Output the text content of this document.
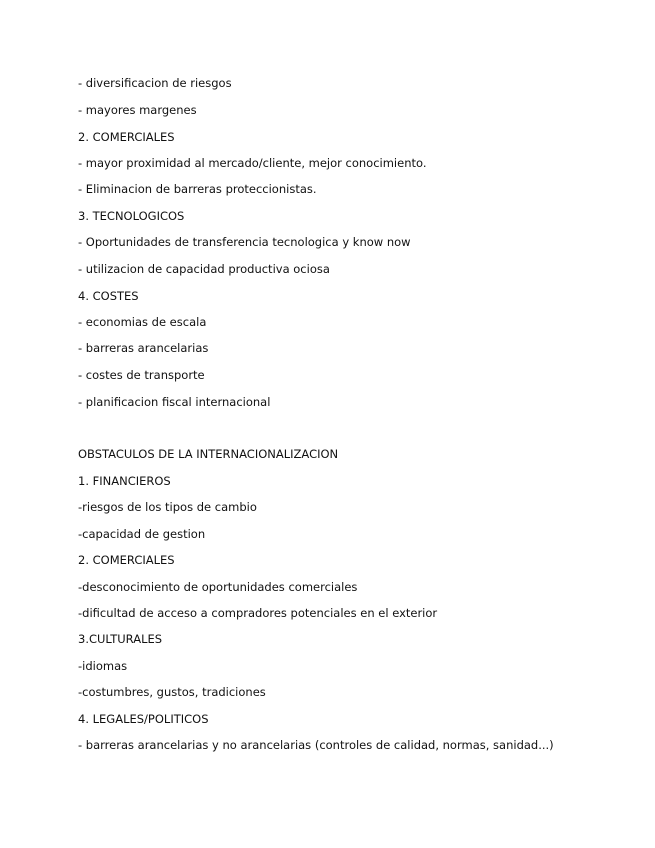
- diversificacion de riesgos
- mayores margenes
2. COMERCIALES
- mayor proximidad al mercado/cliente, mejor conocimiento.
- Eliminacion de barreras proteccionistas.
3. TECNOLOGICOS
- Oportunidades de transferencia tecnologica y know now
- utilizacion de capacidad productiva ociosa
4. COSTES
- economias de escala
- barreras arancelarias
- costes de transporte
- planificacion fiscal internacional
OBSTACULOS DE LA INTERNACIONALIZACION
1. FINANCIEROS
-riesgos de los tipos de cambio
-capacidad de gestion
2. COMERCIALES
-desconocimiento de oportunidades comerciales
-dificultad de acceso a compradores potenciales en el exterior
3.CULTURALES
-idiomas
-costumbres, gustos, tradiciones
4. LEGALES/POLITICOS
- barreras arancelarias y no arancelarias (controles de calidad, normas, sanidad...)
